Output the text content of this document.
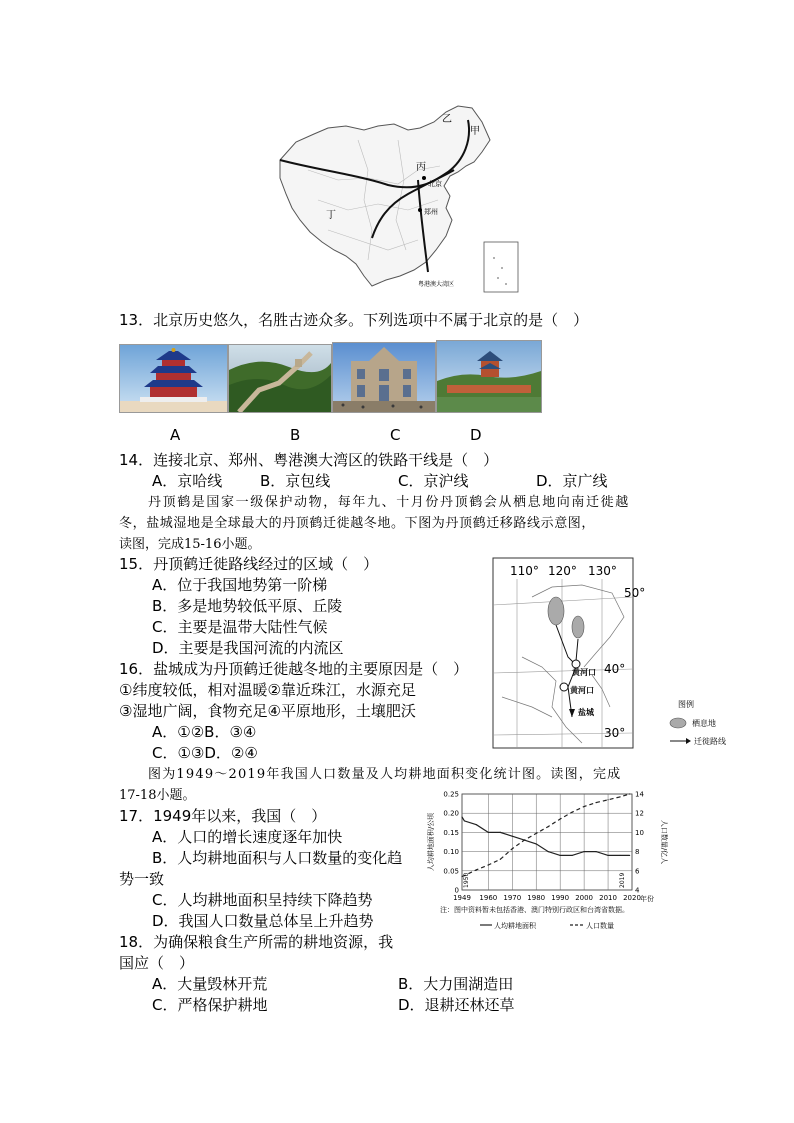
甲
乙
丙
丁
北京
郑州
粤港澳大湾区
13．北京历史悠久，名胜古迹众多。下列选项中不属于北京的是（　）
A	B	C	D
14．连接北京、郑州、粤港澳大湾区的铁路干线是（　）
A．京哈线	B．京包线	C．京沪线	D．京广线
丹顶鹤是国家一级保护动物，每年九、十月份丹顶鹤会从栖息地向南迁徙越
冬，盐城湿地是全球最大的丹顶鹤迁徙越冬地。下图为丹顶鹤迁移路线示意图，
读图，完成15-16小题。
15．丹顶鹤迁徙路线经过的区域（　）
A．位于我国地势第一阶梯
B．多是地势较低平原、丘陵
C．主要是温带大陆性气候
D．主要是我国河流的内流区
16．盐城成为丹顶鹤迁徙越冬地的主要原因是（　）
①纬度较低，相对温暖②靠近珠江，水源充足
③湿地广阔，食物充足④平原地形，土壤肥沃
A．①②B．③④
C．①③D．②④
110° 120° 130°
50°
40°
30°
黄河口
黄河口
盐城
图例
栖息地
迁徙路线
图为1949～2019年我国人口数量及人均耕地面积变化统计图。读图，完成
17-18小题。
17．1949年以来，我国（　）
A．人口的增长速度逐年加快
B．人均耕地面积与人口数量的变化趋
势一致
C．人均耕地面积呈持续下降趋势
D．我国人口数量总体呈上升趋势
1949 1960 1970 1980 1990 2000 2010 2020
0
0.05
0.10
0.15
0.20
0.25
4
6
8
10
12
14
人均耕地面积/公顷	人口数量/亿人
年份
1950	2019
注：图中资料暂未包括香港、澳门特别行政区和台湾省数据。
人均耕地面积	人口数量
18．为确保粮食生产所需的耕地资源，我
国应（　）
A．大量毁林开荒	B．大力围湖造田
C．严格保护耕地	D．退耕还林还草
